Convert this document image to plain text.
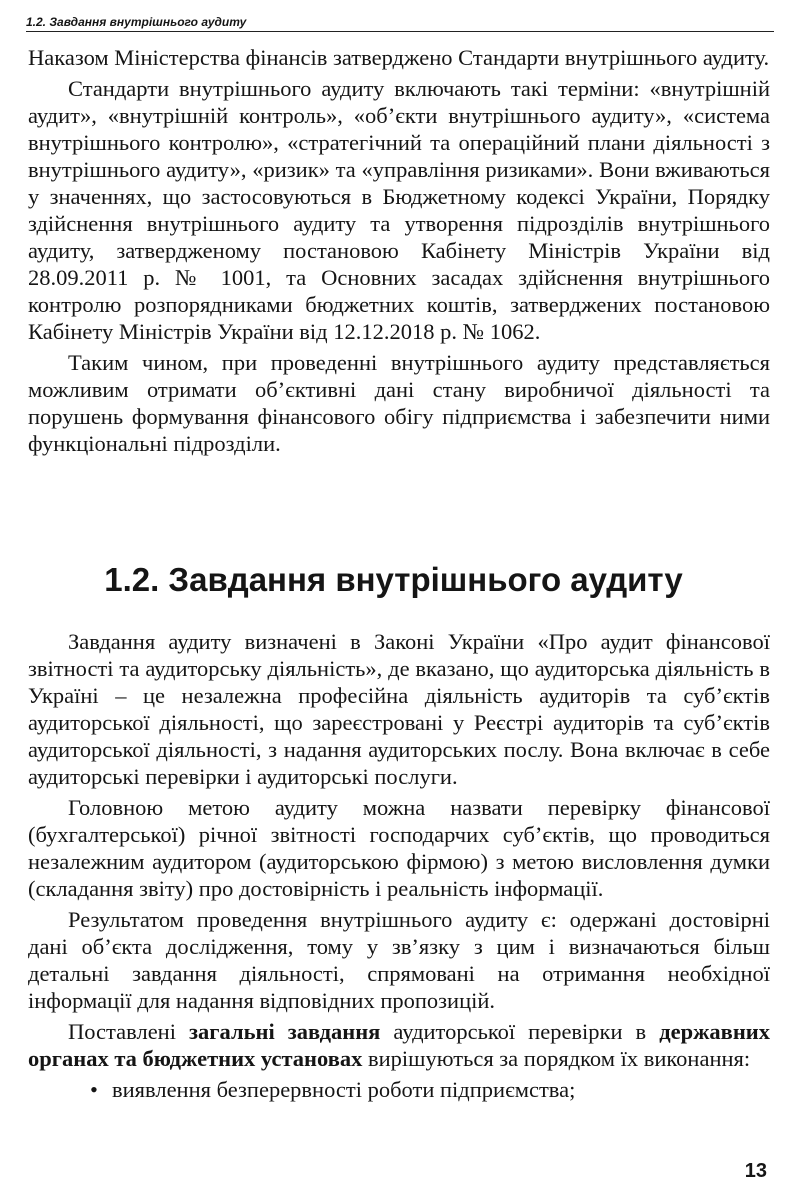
1.2. Завдання внутрішнього аудиту

Наказом Міністерства фінансів затверджено Стандарти внутрішнього аудиту.

Стандарти внутрішнього аудиту включають такі терміни: «внутрішній аудит», «внутрішній контроль», «об’єкти внутрішнього аудиту», «система внутрішнього контролю», «стратегічний та операційний плани діяльності з внутрішнього аудиту», «ризик» та «управління ризиками». Вони вживаються у значеннях, що застосовуються в Бюджетному кодексі України, Порядку здійснення внутрішнього аудиту та утворення підрозділів внутрішнього аудиту, затвердженому постановою Кабінету Міністрів України від 28.09.2011 р. № 1001, та Основних засадах здійснення внутрішнього контролю розпорядниками бюджетних коштів, затверджених постановою Кабінету Міністрів України від 12.12.2018 р. № 1062.

Таким чином, при проведенні внутрішнього аудиту представляється можливим отримати об’єктивні дані стану виробничої діяльності та порушень формування фінансового обігу підприємства і забезпечити ними функціональні підрозділи.

1.2. Завдання внутрішнього аудиту

Завдання аудиту визначені в Законі України «Про аудит фінансової звітності та аудиторську діяльність», де вказано, що аудиторська діяльність в Україні – це незалежна професійна діяльність аудиторів та суб’єктів аудиторської діяльності, що зареєстровані у Реєстрі аудиторів та суб’єктів аудиторської діяльності, з надання аудиторських послу. Вона включає в себе аудиторські перевірки і аудиторські послуги.

Головною метою аудиту можна назвати перевірку фінансової (бухгалтерської) річної звітності господарчих суб’єктів, що проводиться незалежним аудитором (аудиторською фірмою) з метою висловлення думки (складання звіту) про достовірність і реальність інформації.

Результатом проведення внутрішнього аудиту є: одержані достовірні дані об’єкта дослідження, тому у зв’язку з цим і визначаються більш детальні завдання діяльності, спрямовані на отримання необхідної інформації для надання відповідних пропозицій.

Поставлені загальні завдання аудиторської перевірки в державних органах та бюджетних установах вирішуються за порядком їх виконання:

• виявлення безперервності роботи підприємства;
13
